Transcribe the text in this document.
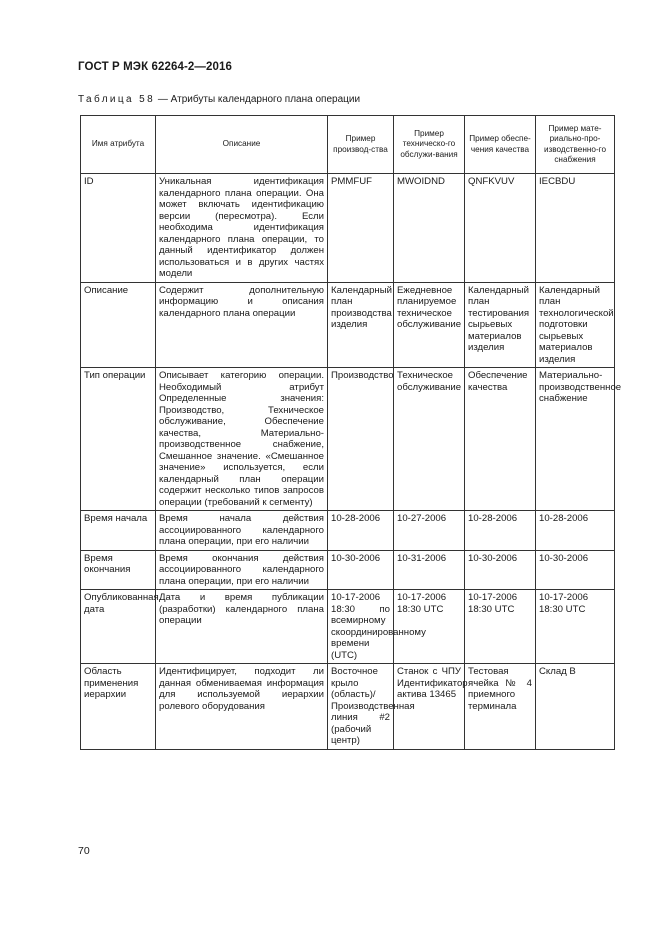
ГОСТ Р МЭК 62264-2—2016
Таблица 58 — Атрибуты календарного плана операции
Имя атрибута	Описание	Пример производ-ства	Пример техническо-го обслужи-вания	Пример обеспе-чения качества	Пример мате-риально-про-изводственно-го снабжения
ID	Уникальная идентификация календарного плана операции. Она может включать идентификацию версии (пересмотра). Если необходима идентификация календарного плана операции, то данный идентификатор должен использоваться и в других частях модели	PMMFUF	MWOIDND	QNFKVUV	IECBDU
Описание	Содержит дополнительную информацию и описания календарного плана операции	Календарный план производства изделия	Ежедневное планируемое техническое обслуживание	Календарный план тестирования сырьевых материалов изделия	Календарный план технологической подготовки сырьевых материалов изделия
Тип операции	Описывает категорию операции. Необходимый атрибут Определенные значения: Производство, Техническое обслуживание, Обеспечение качества, Материально-производственное снабжение, Смешанное значение. «Смешанное значение» используется, если календарный план операции содержит несколько типов запросов операции (требований к сегменту)	Производство	Техническое обслуживание	Обеспечение качества	Материально-производственное снабжение
Время начала	Время начала действия ассоциированного календарного плана операции, при его наличии	10-28-2006	10-27-2006	10-28-2006	10-28-2006
Время окончания	Время окончания действия ассоциированного календарного плана операции, при его наличии	10-30-2006	10-31-2006	10-30-2006	10-30-2006
Опубликованная дата	Дата и время публикации (разработки) календарного плана операции	10-17-2006 18:30 по всемирному скоординированному времени (UTC)	10-17-2006 18:30 UTC	10-17-2006 18:30 UTC	10-17-2006 18:30 UTC
Область применения иерархии	Идентифицирует, подходит ли данная обмениваемая информация для используемой иерархии ролевого оборудования	Восточное крыло (область)/ Производственная линия #2 (рабочий центр)	Станок с ЧПУ Идентификатор актива 13465	Тестовая ячейка № 4 приемного терминала	Склад B
70
